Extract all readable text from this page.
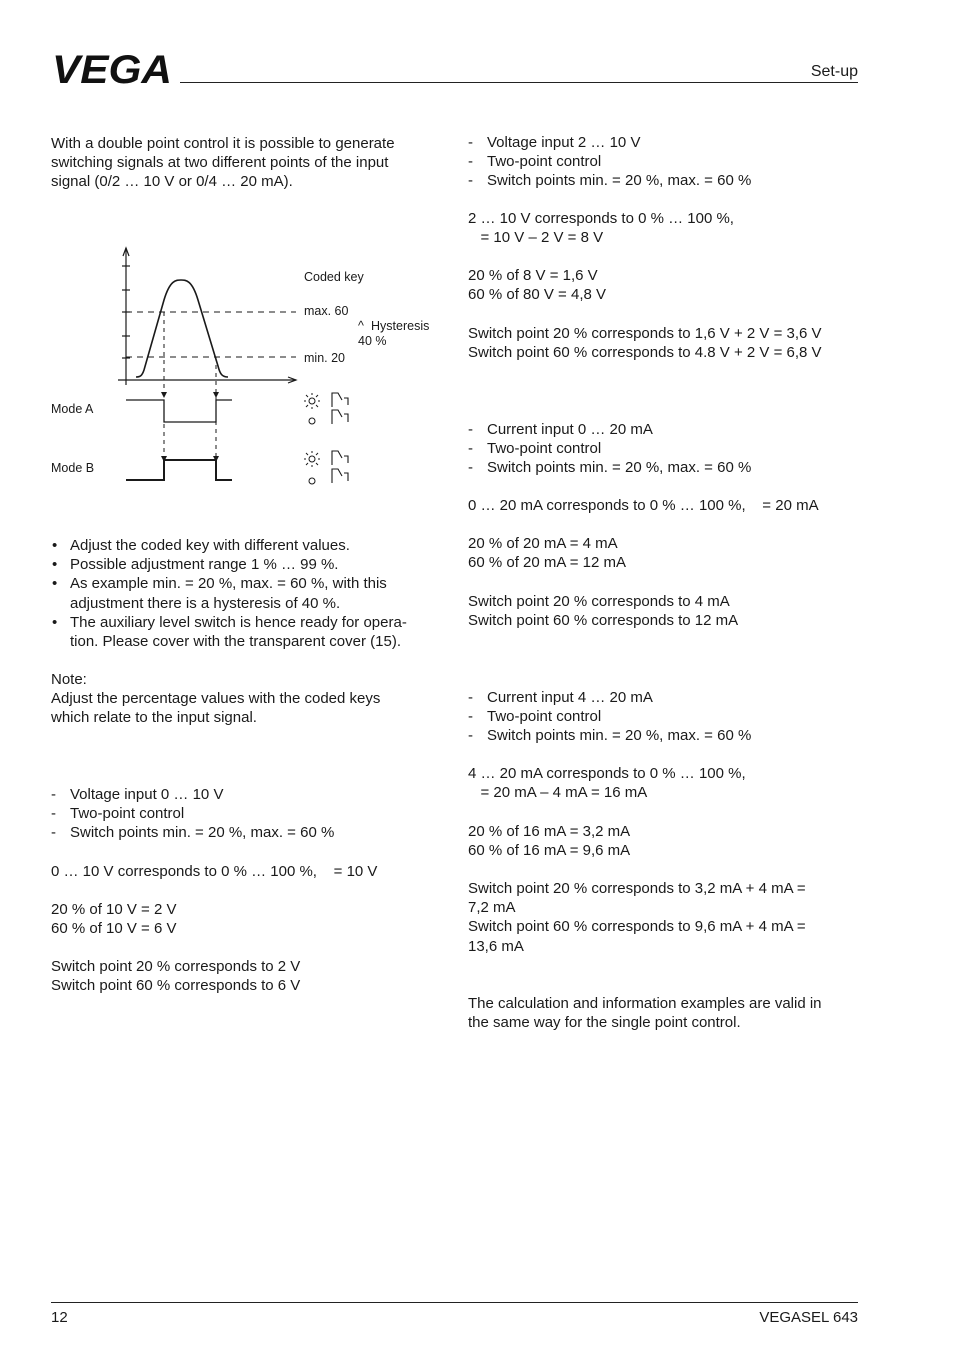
VEGA	Set-up

With a double point control it is possible to generate

switching signals at two different points of the input

signal (0/2 … 10 V or 0/4 … 20 mA).

Coded key
max. 60
^ Hysteresis
40 %
min. 20
Mode A
Mode B
• Adjust the coded key with different values.
• Possible adjustment range 1 % … 99 %.
• As example min. = 20 %, max. = 60 %, with this
adjustment there is a hysteresis of 40 %.
• The auxiliary level switch is hence ready for opera-
tion. Please cover with the transparent cover (15).

Note:

Adjust the percentage values with the coded keys

which relate to the input signal.

- Voltage input 0 … 10 V
- Two-point control
- Switch points min. = 20 %, max. = 60 %

0 … 10 V corresponds to 0 % … 100 %,    = 10 V

20 % of 10 V = 2 V

60 % of 10 V = 6 V

Switch point 20 % corresponds to 2 V

Switch point 60 % corresponds to 6 V

- Voltage input 2 … 10 V
- Two-point control
- Switch points min. = 20 %, max. = 60 %

2 … 10 V corresponds to 0 % … 100 %,

= 10 V – 2 V = 8 V

20 % of 8 V = 1,6 V

60 % of 80 V = 4,8 V

Switch point 20 % corresponds to 1,6 V + 2 V = 3,6 V

Switch point 60 % corresponds to 4.8 V + 2 V = 6,8 V

- Current input 0 … 20 mA
- Two-point control
- Switch points min. = 20 %, max. = 60 %

0 … 20 mA corresponds to 0 % … 100 %,    = 20 mA

20 % of 20 mA = 4 mA

60 % of 20 mA = 12 mA

Switch point 20 % corresponds to 4 mA

Switch point 60 % corresponds to 12 mA

- Current input 4 … 20 mA
- Two-point control
- Switch points min. = 20 %, max. = 60 %

4 … 20 mA corresponds to 0 % … 100 %,

= 20 mA – 4 mA = 16 mA

20 % of 16 mA = 3,2 mA

60 % of 16 mA = 9,6 mA

Switch point 20 % corresponds to 3,2 mA + 4 mA =

7,2 mA

Switch point 60 % corresponds to 9,6 mA + 4 mA =

13,6 mA

The calculation and information examples are valid in

the same way for the single point control.

12	VEGASEL 643
